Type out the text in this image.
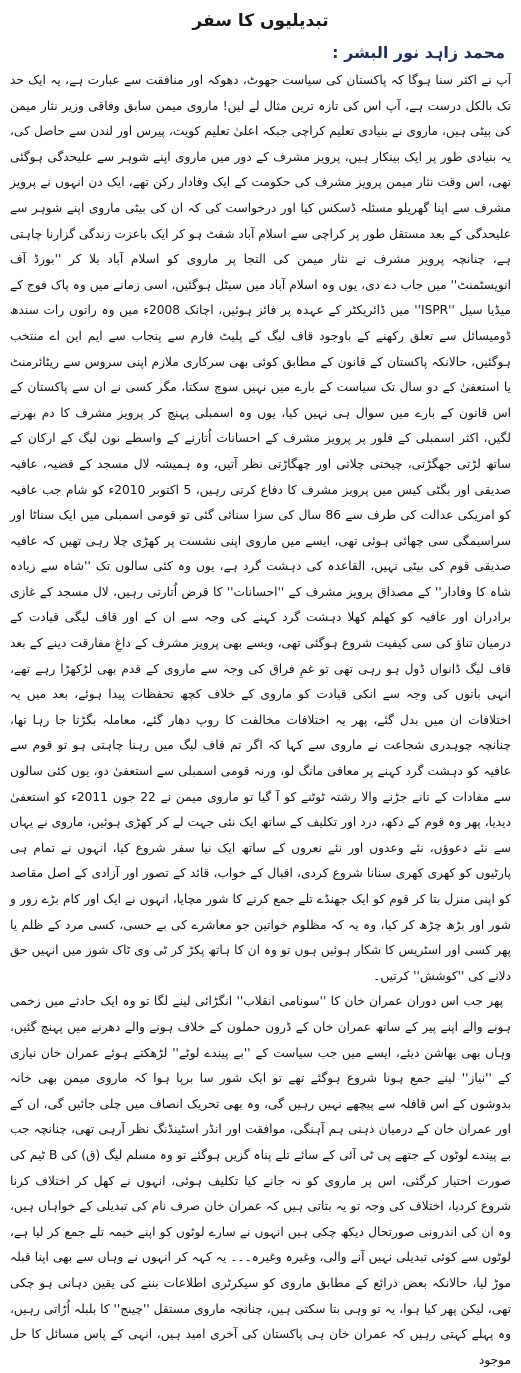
تبدیلیوں کا سفر
محمد زاہد نور البشر :

آپ نے اکثر سنا ہوگا کہ پاکستان کی سیاست جھوٹ، دھوکہ اور منافقت سے عبارت ہے، یہ ایک حد تک بالکل درست ہے، آپ اس کی تازہ ترین مثال لے لیں! ماروی میمن سابق وفاقی وزیر نثار میمن کی بیٹی ہیں، ماروی نے بنیادی تعلیم کراچی جبکہ اعلیٰ تعلیم کویت، پیرس اور لندن سے حاصل کی، یہ بنیادی طور پر ایک بینکار ہیں، پرویز مشرف کے دور میں ماروی اپنے شوہر سے علیحدگی ہوگئی تھی، اس وقت نثار میمن پرویز مشرف کی حکومت کے ایک وفادار رکن تھے، ایک دن انہوں نے پرویز مشرف سے اپنا گھریلو مسئلہ ڈسکس کیا اور درخواست کی کہ ان کی بیٹی ماروی اپنے شوہر سے علیحدگی کے بعد مستقل طور پر کراچی سے اسلام آباد شفٹ ہو کر ایک باعزت زندگی گزارنا چاہتی ہے، چنانچہ پرویز مشرف نے نثار میمن کی التجا پر ماروی کو اسلام آباد بلا کر ''بورڈ آف انویسٹمنٹ'' میں جاب دے دی، یوں وہ اسلام آباد میں سیٹل ہوگئیں، اسی زمانے میں وہ پاک فوج کے میڈیا سیل ''ISPR'' میں ڈائریکٹر کے عہدہ پر فائز ہوئیں، اچانک 2008ء میں وہ راتوں رات سندھ ڈومیسائل سے تعلق رکھنے کے باوجود قاف لیگ کے پلیٹ فارم سے پنجاب سے ایم این اے منتخب ہوگئیں، حالانکہ پاکستان کے قانون کے مطابق کوئی بھی سرکاری ملازم اپنی سروس سے ریٹائرمنٹ یا استعفیٰ کے دو سال تک سیاست کے بارے میں نہیں سوچ سکتا، مگر کسی نے ان سے پاکستان کے اس قانون کے بارے میں سوال ہی نہیں کیا، یوں وہ اسمبلی پہنچ کر پرویز مشرف کا دم بھرنے لگیں، اکثر اسمبلی کے فلور پر پرویز مشرف کے احسانات اُتارنے کے واسطے نون لیگ کے ارکان کے ساتھ لڑتی جھگڑتی، چیختی چلاتی اور چھگاڑتی نظر آتیں، وہ ہمیشہ لال مسجد کے قضیہ، عافیہ صدیقی اور بگٹی کیس میں پرویز مشرف کا دفاع کرتی رہیں، 5 اکتوبر 2010ء کو شام جب عافیہ کو امریکی عدالت کی طرف سے 86 سال کی سزا سنائی گئی تو قومی اسمبلی میں ایک سناٹا اور سراسیمگی سی چھائی ہوئی تھی، ایسے میں ماروی اپنی نشست پر کھڑی چلا رہی تھیں کہ عافیہ صدیقی قوم کی بیٹی نہیں، القاعدہ کی دہشت گرد ہے، یوں وہ کئی سالوں تک ''شاہ سے زیادہ شاہ کا وفادار'' کے مصداق پرویز مشرف کے ''احسانات'' کا قرض اُتارتی رہیں، لال مسجد کے غازی برادران اور عافیہ کو کھلم کھلا دہشت گرد کہنے کی وجہ سے ان کے اور قاف لیگی قیادت کے درمیان تناؤ کی سی کیفیت شروع ہوگئی تھی، ویسے بھی پرویز مشرف کے داغِ مفارقت دینے کے بعد قاف لیگ ڈانواں ڈول ہو رہی تھی تو غمِ فراق کی وجہ سے ماروی کے قدم بھی لڑکھڑا رہے تھے، انہی باتوں کی وجہ سے انکی قیادت کو ماروی کے خلاف کچھ تحفظات پیدا ہوئے، بعد میں یہ اختلافات ان میں بدل گئے، پھر یہ اختلافات مخالفت کا روپ دھار گئے، معاملہ بگڑتا جا رہا تھا، چنانچہ چوہدری شجاعت نے ماروی سے کہا کہ اگر تم قاف لیگ میں رہنا چاہتی ہو تو قوم سے عافیہ کو دہشت گرد کہنے پر معافی مانگ لو، ورنہ قومی اسمبلی سے استعفیٰ دو، یوں کئی سالوں سے مفادات کے تانے جڑنے والا رشتہ ٹوٹنے کو آ گیا تو ماروی میمن نے 22 جون 2011ء کو استعفیٰ دیدیا، پھر وہ قوم کے دکھ، درد اور تکلیف کے ساتھ ایک نئی جہت لے کر کھڑی ہوئیں، ماروی نے یہاں سے نئے دعوؤں، نئے وعدوں اور نئے نعروں کے ساتھ ایک نیا سفر شروع کیا، انہوں نے تمام ہی پارٹیوں کو کھری کھری سنانا شروع کردی، اقبال کے خواب، قائد کے تصور اور آزادی کے اصل مقاصد کو اپنی منزل بتا کر قوم کو ایک جھنڈے تلے جمع کرنے کا شور مچایا، انہوں نے ایک اور کام بڑے زور و شور اور بڑھ چڑھ کر کیا، وہ یہ کہ مظلوم خواتین جو معاشرے کی بے حسی، کسی مرد کے ظلم یا پھر کسی اور اسٹریس کا شکار ہوئیں ہوں تو وہ ان کا ہاتھ پکڑ کر ٹی وی ٹاک شوز میں انہیں حق دلانے کی ''کوشش'' کرتیں۔

پھر جب اس دوران عمران خان کا ''سونامی انقلاب'' انگڑائی لینے لگا تو وہ ایک حادثے میں زخمی ہونے والے اپنے پیر کے ساتھ عمران خان کے ڈرون حملوں کے خلاف ہونے والے دھرنے میں پہنچ گئیں، وہاں بھی بھاشن دیئے، ایسے میں جب سیاست کے ''بے پیندے لوٹے'' لڑھکتے ہوئے عمران خان نیازی کے ''نیاز'' لینے جمع ہونا شروع ہوگئے تھے تو ایک شور سا برپا ہوا کہ ماروی میمن بھی خانہ بدوشوں کے اس قافلہ سے پیچھے نہیں رہیں گی، وہ بھی تحریک انصاف میں چلی جائیں گی، ان کے اور عمران خان کے درمیان ذہنی ہم آہنگی، موافقت اور انڈر اسٹینڈنگ نظر آرہی تھی، چنانچہ جب بے پیندے لوٹوں کے جتھے پی ٹی آئی کے سائے تلے پناہ گزیں ہوگئے تو وہ مسلم لیگ (ق) کی B ٹیم کی صورت اختیار کرگئی، اس پر ماروی کو نہ جانے کیا تکلیف ہوئی، انہوں نے کھل کر اختلاف کرنا شروع کردیا، اختلاف کی وجہ تو یہ بتاتی ہیں کہ عمران خان صرف نام کی تبدیلی کے خواہاں ہیں، وہ ان کی اندرونی صورتحال دیکھ چکی ہیں انہوں نے سارے لوٹوں کو اپنے خیمہ تلے جمع کر لیا ہے، لوٹوں سے کوئی تبدیلی نہیں آنے والی، وغیرہ وغیرہ۔۔۔ یہ کہہ کر انہوں نے وہاں سے بھی اپنا قبلہ موڑ لیا، حالانکہ بعض ذرائع کے مطابق ماروی کو سیکرٹری اطلاعات بننے کی یقین دہانی ہو چکی تھی، لیکن پھر کیا ہوا، یہ تو وہی بتا سکتی ہیں، چنانچہ ماروی مستقل ''چینج'' کا بلبلہ اُڑاتی رہیں، وہ پہلے کہتی رہیں کہ عمران خان ہی پاکستان کی آخری امید ہیں، انہی کے پاس مسائل کا حل موجود
